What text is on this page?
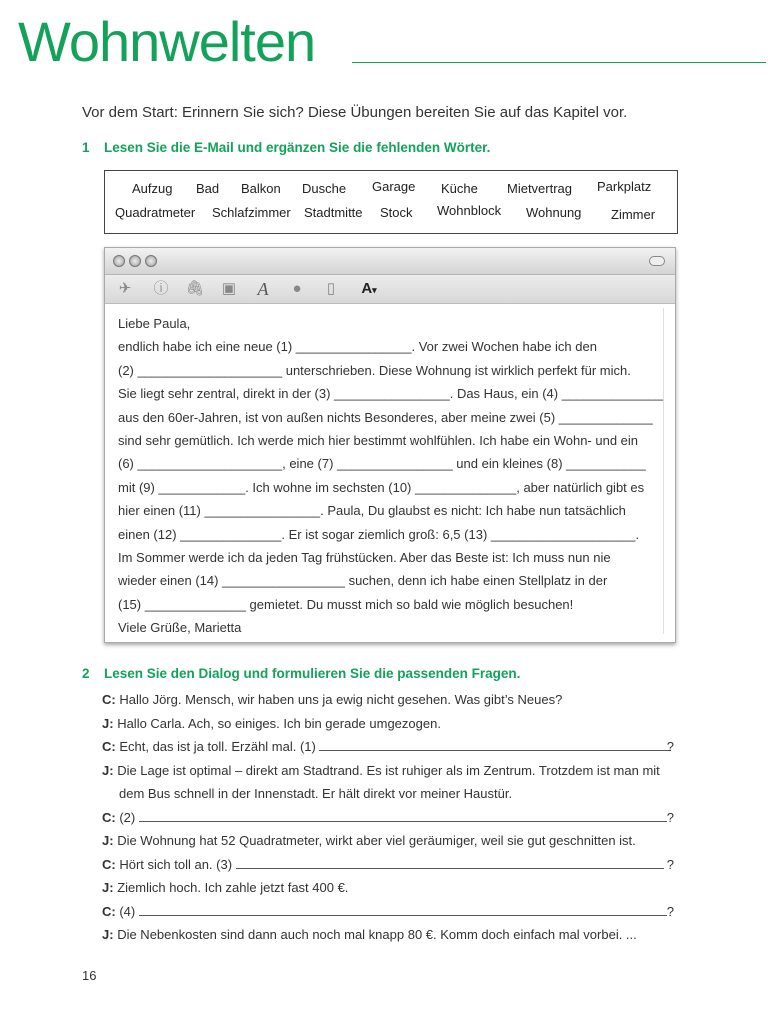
Wohnwelten
Vor dem Start: Erinnern Sie sich? Diese Übungen bereiten Sie auf das Kapitel vor.
1 Lesen Sie die E-Mail und ergänzen Sie die fehlenden Wörter.
Aufzug Bad Balkon Dusche Garage Küche Mietvertrag Parkplatz
Quadratmeter Schlafzimmer Stadtmitte Stock Wohnblock Wohnung Zimmer
✈ ⓘ 🖇 ▣ A	●	▯	A▾
Liebe Paula,
endlich habe ich eine neue (1) ________________. Vor zwei Wochen habe ich den
(2) ____________________ unterschrieben. Diese Wohnung ist wirklich perfekt für mich.
Sie liegt sehr zentral, direkt in der (3) ________________. Das Haus, ein (4) ______________
aus den 60er-Jahren, ist von außen nichts Besonderes, aber meine zwei (5) _____________
sind sehr gemütlich. Ich werde mich hier bestimmt wohlfühlen. Ich habe ein Wohn- und ein
(6) ____________________, eine (7) ________________ und ein kleines (8) ___________
mit (9) ____________. Ich wohne im sechsten (10) ______________, aber natürlich gibt es
hier einen (11) ________________. Paula, Du glaubst es nicht: Ich habe nun tatsächlich
einen (12) ______________. Er ist sogar ziemlich groß: 6,5 (13) ____________________.
Im Sommer werde ich da jeden Tag frühstücken. Aber das Beste ist: Ich muss nun nie
wieder einen (14) _________________ suchen, denn ich habe einen Stellplatz in der
(15) ______________ gemietet. Du musst mich so bald wie möglich besuchen!
Viele Grüße, Marietta
2 Lesen Sie den Dialog und formulieren Sie die passenden Fragen.
C: Hallo Jörg. Mensch, wir haben uns ja ewig nicht gesehen. Was gibt’s Neues?
J: Hallo Carla. Ach, so einiges. Ich bin gerade umgezogen.
C: Echt, das ist ja toll. Erzähl mal. (1)	?
J: Die Lage ist optimal – direkt am Stadtrand. Es ist ruhiger als im Zentrum. Trotzdem ist man mit
dem Bus schnell in der Innenstadt. Er hält direkt vor meiner Haustür.
C: (2)	?
J: Die Wohnung hat 52 Quadratmeter, wirkt aber viel geräumiger, weil sie gut geschnitten ist.
C: Hört sich toll an. (3)	?
J: Ziemlich hoch. Ich zahle jetzt fast 400 €.
C: (4)	?
J: Die Nebenkosten sind dann auch noch mal knapp 80 €. Komm doch einfach mal vorbei. ...
16
